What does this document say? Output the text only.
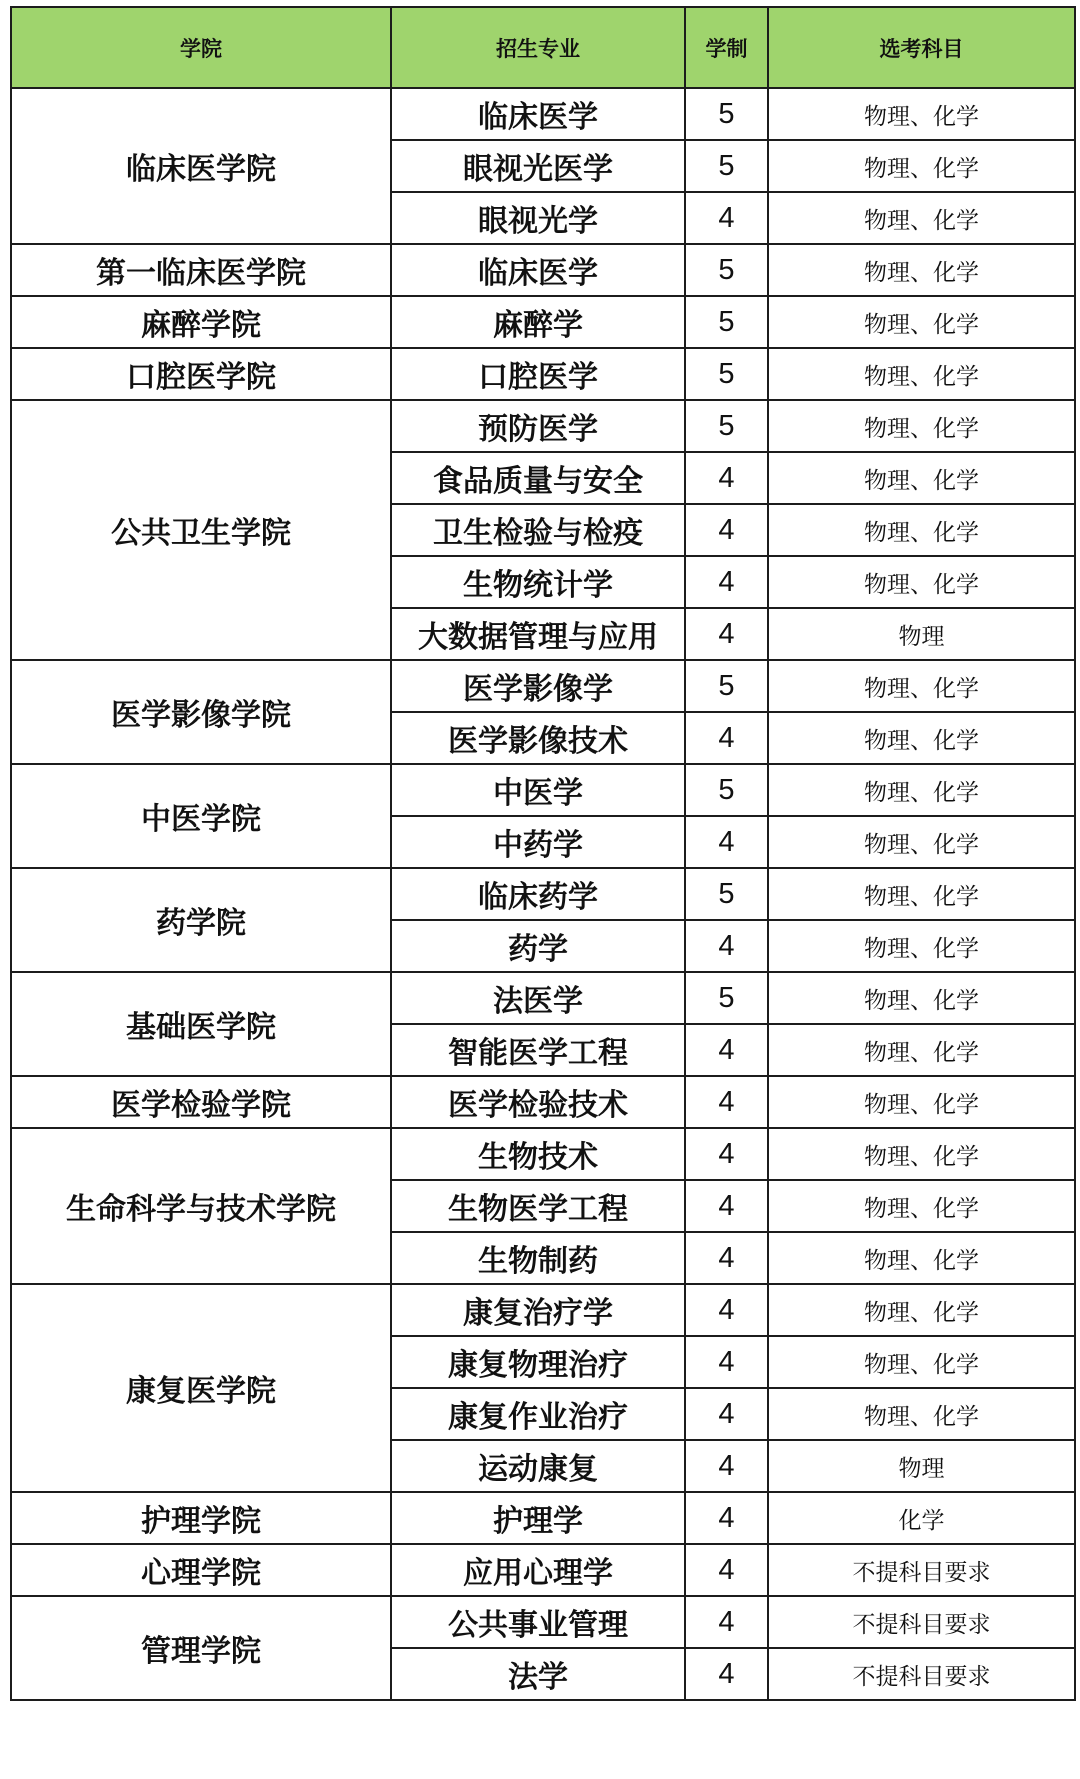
学院	招生专业	学制	选考科目
临床医学院	临床医学	5	物理、化学
	眼视光医学	5	物理、化学
	眼视光学	4	物理、化学
第一临床医学院	临床医学	5	物理、化学
麻醉学院	麻醉学	5	物理、化学
口腔医学院	口腔医学	5	物理、化学
公共卫生学院	预防医学	5	物理、化学
	食品质量与安全	4	物理、化学
	卫生检验与检疫	4	物理、化学
	生物统计学	4	物理、化学
	大数据管理与应用	4	物理
医学影像学院	医学影像学	5	物理、化学
	医学影像技术	4	物理、化学
中医学院	中医学	5	物理、化学
	中药学	4	物理、化学
药学院	临床药学	5	物理、化学
	药学	4	物理、化学
基础医学院	法医学	5	物理、化学
	智能医学工程	4	物理、化学
医学检验学院	医学检验技术	4	物理、化学
生命科学与技术学院	生物技术	4	物理、化学
	生物医学工程	4	物理、化学
	生物制药	4	物理、化学
康复医学院	康复治疗学	4	物理、化学
	康复物理治疗	4	物理、化学
	康复作业治疗	4	物理、化学
	运动康复	4	物理
护理学院	护理学	4	化学
心理学院	应用心理学	4	不提科目要求
管理学院	公共事业管理	4	不提科目要求
	法学	4	不提科目要求
